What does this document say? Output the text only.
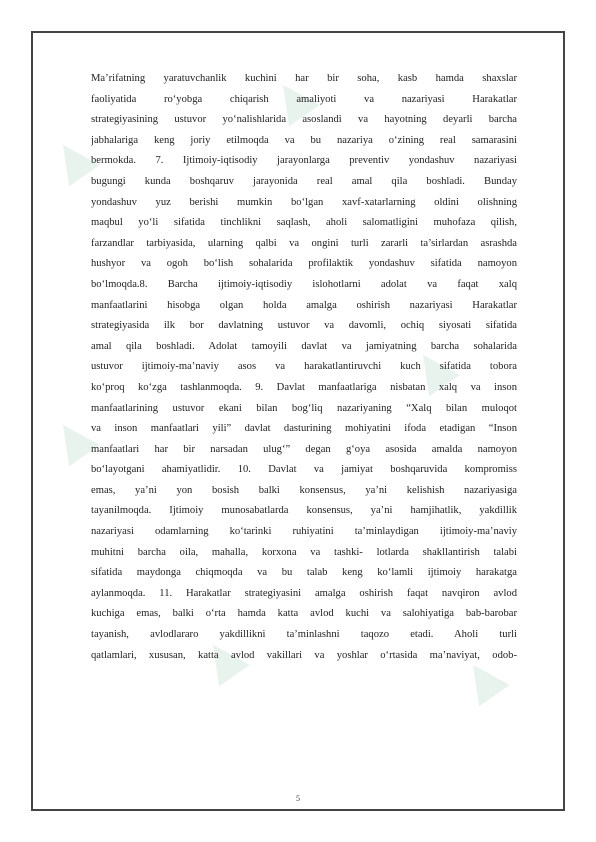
▲
▲
▲
▲
▲	▲
Ma’rifatning yaratuvchanlik kuchini har bir soha, kasb hamda shaxslar
faoliyatida ro‘yobga chiqarish amaliyoti va nazariyasi Harakatlar
strategiyasining ustuvor yo‘nalishlarida asoslandi va hayotning deyarli barcha
jabhalariga keng joriy etilmoqda va bu nazariya o‘zining real samarasini
bermokda. 7. Ijtimoiy-iqtisodiy jarayonlarga preventiv yondashuv nazariyasi
bugungi kunda boshqaruv jarayonida real amal qila boshladi. Bunday
yondashuv yuz berishi mumkin bo‘lgan xavf-xatarlarning oldini olishning
maqbul yo‘li sifatida tinchlikni saqlash, aholi salomatligini muhofaza qilish,
farzandlar tarbiyasida, ularning qalbi va ongini turli zararli ta’sirlardan asrashda
hushyor va ogoh bo‘lish sohalarida profilaktik yondashuv sifatida namoyon
bo‘lmoqda.8. Barcha ijtimoiy-iqtisodiy islohotlarni adolat va faqat xalq
manfaatlarini hisobga olgan holda amalga oshirish nazariyasi Harakatlar
strategiyasida ilk bor davlatning ustuvor va davomli, ochiq siyosati sifatida
amal qila boshladi. Adolat tamoyili davlat va jamiyatning barcha sohalarida
ustuvor ijtimoiy-ma’naviy asos va harakatlantiruvchi kuch sifatida tobora
ko‘proq ko‘zga tashlanmoqda. 9. Davlat manfaatlariga nisbatan xalq va inson
manfaatlarining ustuvor ekani bilan bog‘liq nazariyaning “Xalq bilan muloqot
va inson manfaatlari yili” davlat dasturining mohiyatini ifoda etadigan “Inson
manfaatlari har bir narsadan ulug‘” degan g‘oya asosida amalda namoyon
bo‘layotgani ahamiyatlidir. 10. Davlat va jamiyat boshqaruvida kompromiss
emas, ya’ni yon bosish balki konsensus, ya’ni kelishish nazariyasiga
tayanilmoqda. Ijtimoiy munosabatlarda konsensus, ya’ni hamjihatlik, yakdillik
nazariyasi odamlarning ko‘tarinki ruhiyatini ta’minlaydigan ijtimoiy-ma’naviy
muhitni barcha oila, mahalla, korxona va tashki- lotlarda shakllantirish talabi
sifatida maydonga chiqmoqda va bu talab keng ko‘lamli ijtimoiy harakatga
aylanmoqda. 11. Harakatlar strategiyasini amalga oshirish faqat navqiron avlod
kuchiga emas, balki o‘rta hamda katta avlod kuchi va salohiyatiga bab-barobar
tayanish, avlodlararo yakdillikni ta’minlashni taqozo etadi. Aholi turli
qatlamlari, xususan, katta avlod vakillari va yoshlar o‘rtasida ma’naviyat, odob-
5
